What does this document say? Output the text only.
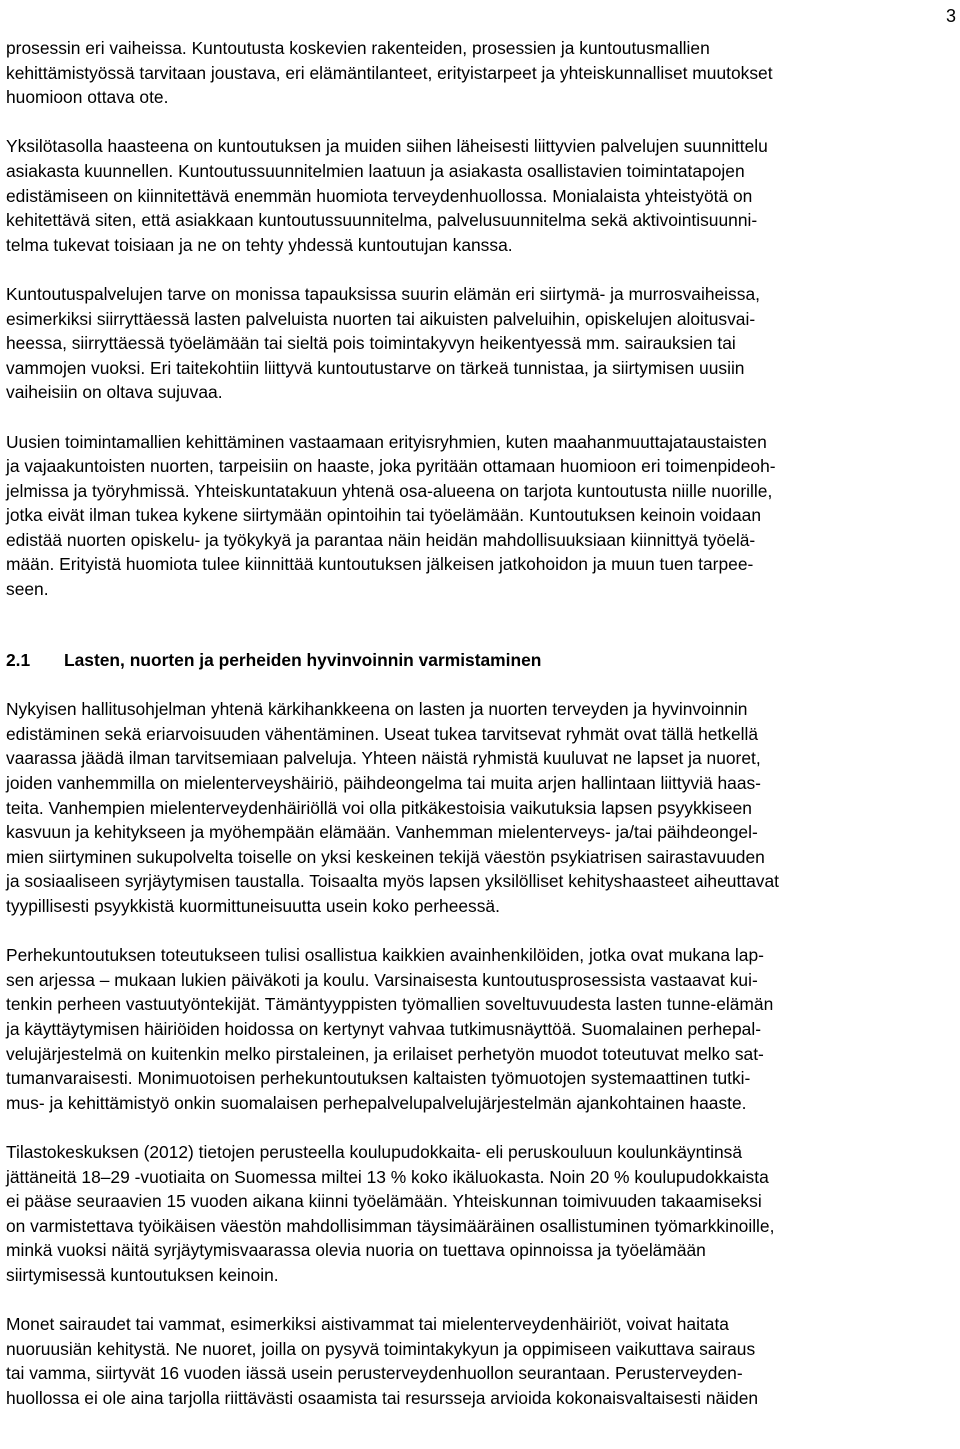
3

prosessin eri vaiheissa. Kuntoutusta koskevien rakenteiden, prosessien ja kuntoutusmallien
kehittämistyössä tarvitaan joustava, eri elämäntilanteet, erityistarpeet ja yhteiskunnalliset muutokset
huomioon ottava ote.

Yksilötasolla haasteena on kuntoutuksen ja muiden siihen läheisesti liittyvien palvelujen suunnittelu
asiakasta kuunnellen. Kuntoutussuunnitelmien laatuun ja asiakasta osallistavien toimintatapojen
edistämiseen on kiinnitettävä enemmän huomiota terveydenhuollossa. Monialaista yhteistyötä on
kehitettävä siten, että asiakkaan kuntoutussuunnitelma, palvelusuunnitelma sekä aktivointisuunni-
telma tukevat toisiaan ja ne on tehty yhdessä kuntoutujan kanssa.

Kuntoutuspalvelujen tarve on monissa tapauksissa suurin elämän eri siirtymä- ja murrosvaiheissa,
esimerkiksi siirryttäessä lasten palveluista nuorten tai aikuisten palveluihin, opiskelujen aloitusvai-
heessa, siirryttäessä työelämään tai sieltä pois toimintakyvyn heikentyessä mm. sairauksien tai
vammojen vuoksi. Eri taitekohtiin liittyvä kuntoutustarve on tärkeä tunnistaa, ja siirtymisen uusiin
vaiheisiin on oltava sujuvaa.

Uusien toimintamallien kehittäminen vastaamaan erityisryhmien, kuten maahanmuuttajataustaisten
ja vajaakuntoisten nuorten, tarpeisiin on haaste, joka pyritään ottamaan huomioon eri toimenpideoh-
jelmissa ja työryhmissä. Yhteiskuntatakuun yhtenä osa-alueena on tarjota kuntoutusta niille nuorille,
jotka eivät ilman tukea kykene siirtymään opintoihin tai työelämään. Kuntoutuksen keinoin voidaan
edistää nuorten opiskelu- ja työkykyä ja parantaa näin heidän mahdollisuuksiaan kiinnittyä työelä-
mään. Erityistä huomiota tulee kiinnittää kuntoutuksen jälkeisen jatkohoidon ja muun tuen tarpee-
seen.

2.1	Lasten, nuorten ja perheiden hyvinvoinnin varmistaminen

Nykyisen hallitusohjelman yhtenä kärkihankkeena on lasten ja nuorten terveyden ja hyvinvoinnin
edistäminen sekä eriarvoisuuden vähentäminen. Useat tukea tarvitsevat ryhmät ovat tällä hetkellä
vaarassa jäädä ilman tarvitsemiaan palveluja. Yhteen näistä ryhmistä kuuluvat ne lapset ja nuoret,
joiden vanhemmilla on mielenterveyshäiriö, päihdeongelma tai muita arjen hallintaan liittyviä haas-
teita. Vanhempien mielenterveydenhäiriöllä voi olla pitkäkestoisia vaikutuksia lapsen psyykkiseen
kasvuun ja kehitykseen ja myöhempään elämään. Vanhemman mielenterveys- ja/tai päihdeongel-
mien siirtyminen sukupolvelta toiselle on yksi keskeinen tekijä väestön psykiatrisen sairastavuuden
ja sosiaaliseen syrjäytymisen taustalla. Toisaalta myös lapsen yksilölliset kehityshaasteet aiheuttavat
tyypillisesti psyykkistä kuormittuneisuutta usein koko perheessä.

Perhekuntoutuksen toteutukseen tulisi osallistua kaikkien avainhenkilöiden, jotka ovat mukana lap-
sen arjessa – mukaan lukien päiväkoti ja koulu. Varsinaisesta kuntoutusprosessista vastaavat kui-
tenkin perheen vastuutyöntekijät. Tämäntyyppisten työmallien soveltuvuudesta lasten tunne-elämän
ja käyttäytymisen häiriöiden hoidossa on kertynyt vahvaa tutkimusnäyttöä. Suomalainen perhepal-
velujärjestelmä on kuitenkin melko pirstaleinen, ja erilaiset perhetyön muodot toteutuvat melko sat-
tumanvaraisesti. Monimuotoisen perhekuntoutuksen kaltaisten työmuotojen systemaattinen tutki-
mus- ja kehittämistyö onkin suomalaisen perhepalvelupalvelujärjestelmän ajankohtainen haaste.

Tilastokeskuksen (2012) tietojen perusteella koulupudokkaita- eli peruskouluun koulunkäyntinsä
jättäneitä 18–29 -vuotiaita on Suomessa miltei 13 % koko ikäluokasta. Noin 20 % koulupudokkaista
ei pääse seuraavien 15 vuoden aikana kiinni työelämään. Yhteiskunnan toimivuuden takaamiseksi
on varmistettava työikäisen väestön mahdollisimman täysimääräinen osallistuminen työmarkkinoille,
minkä vuoksi näitä syrjäytymisvaarassa olevia nuoria on tuettava opinnoissa ja työelämään
siirtymisessä kuntoutuksen keinoin.

Monet sairaudet tai vammat, esimerkiksi aistivammat tai mielenterveydenhäiriöt, voivat haitata
nuoruusiän kehitystä. Ne nuoret, joilla on pysyvä toimintakykyun ja oppimiseen vaikuttava sairaus
tai vamma, siirtyvät 16 vuoden iässä usein perusterveydenhuollon seurantaan. Perusterveyden-
huollossa ei ole aina tarjolla riittävästi osaamista tai resursseja arvioida kokonaisvaltaisesti näiden
